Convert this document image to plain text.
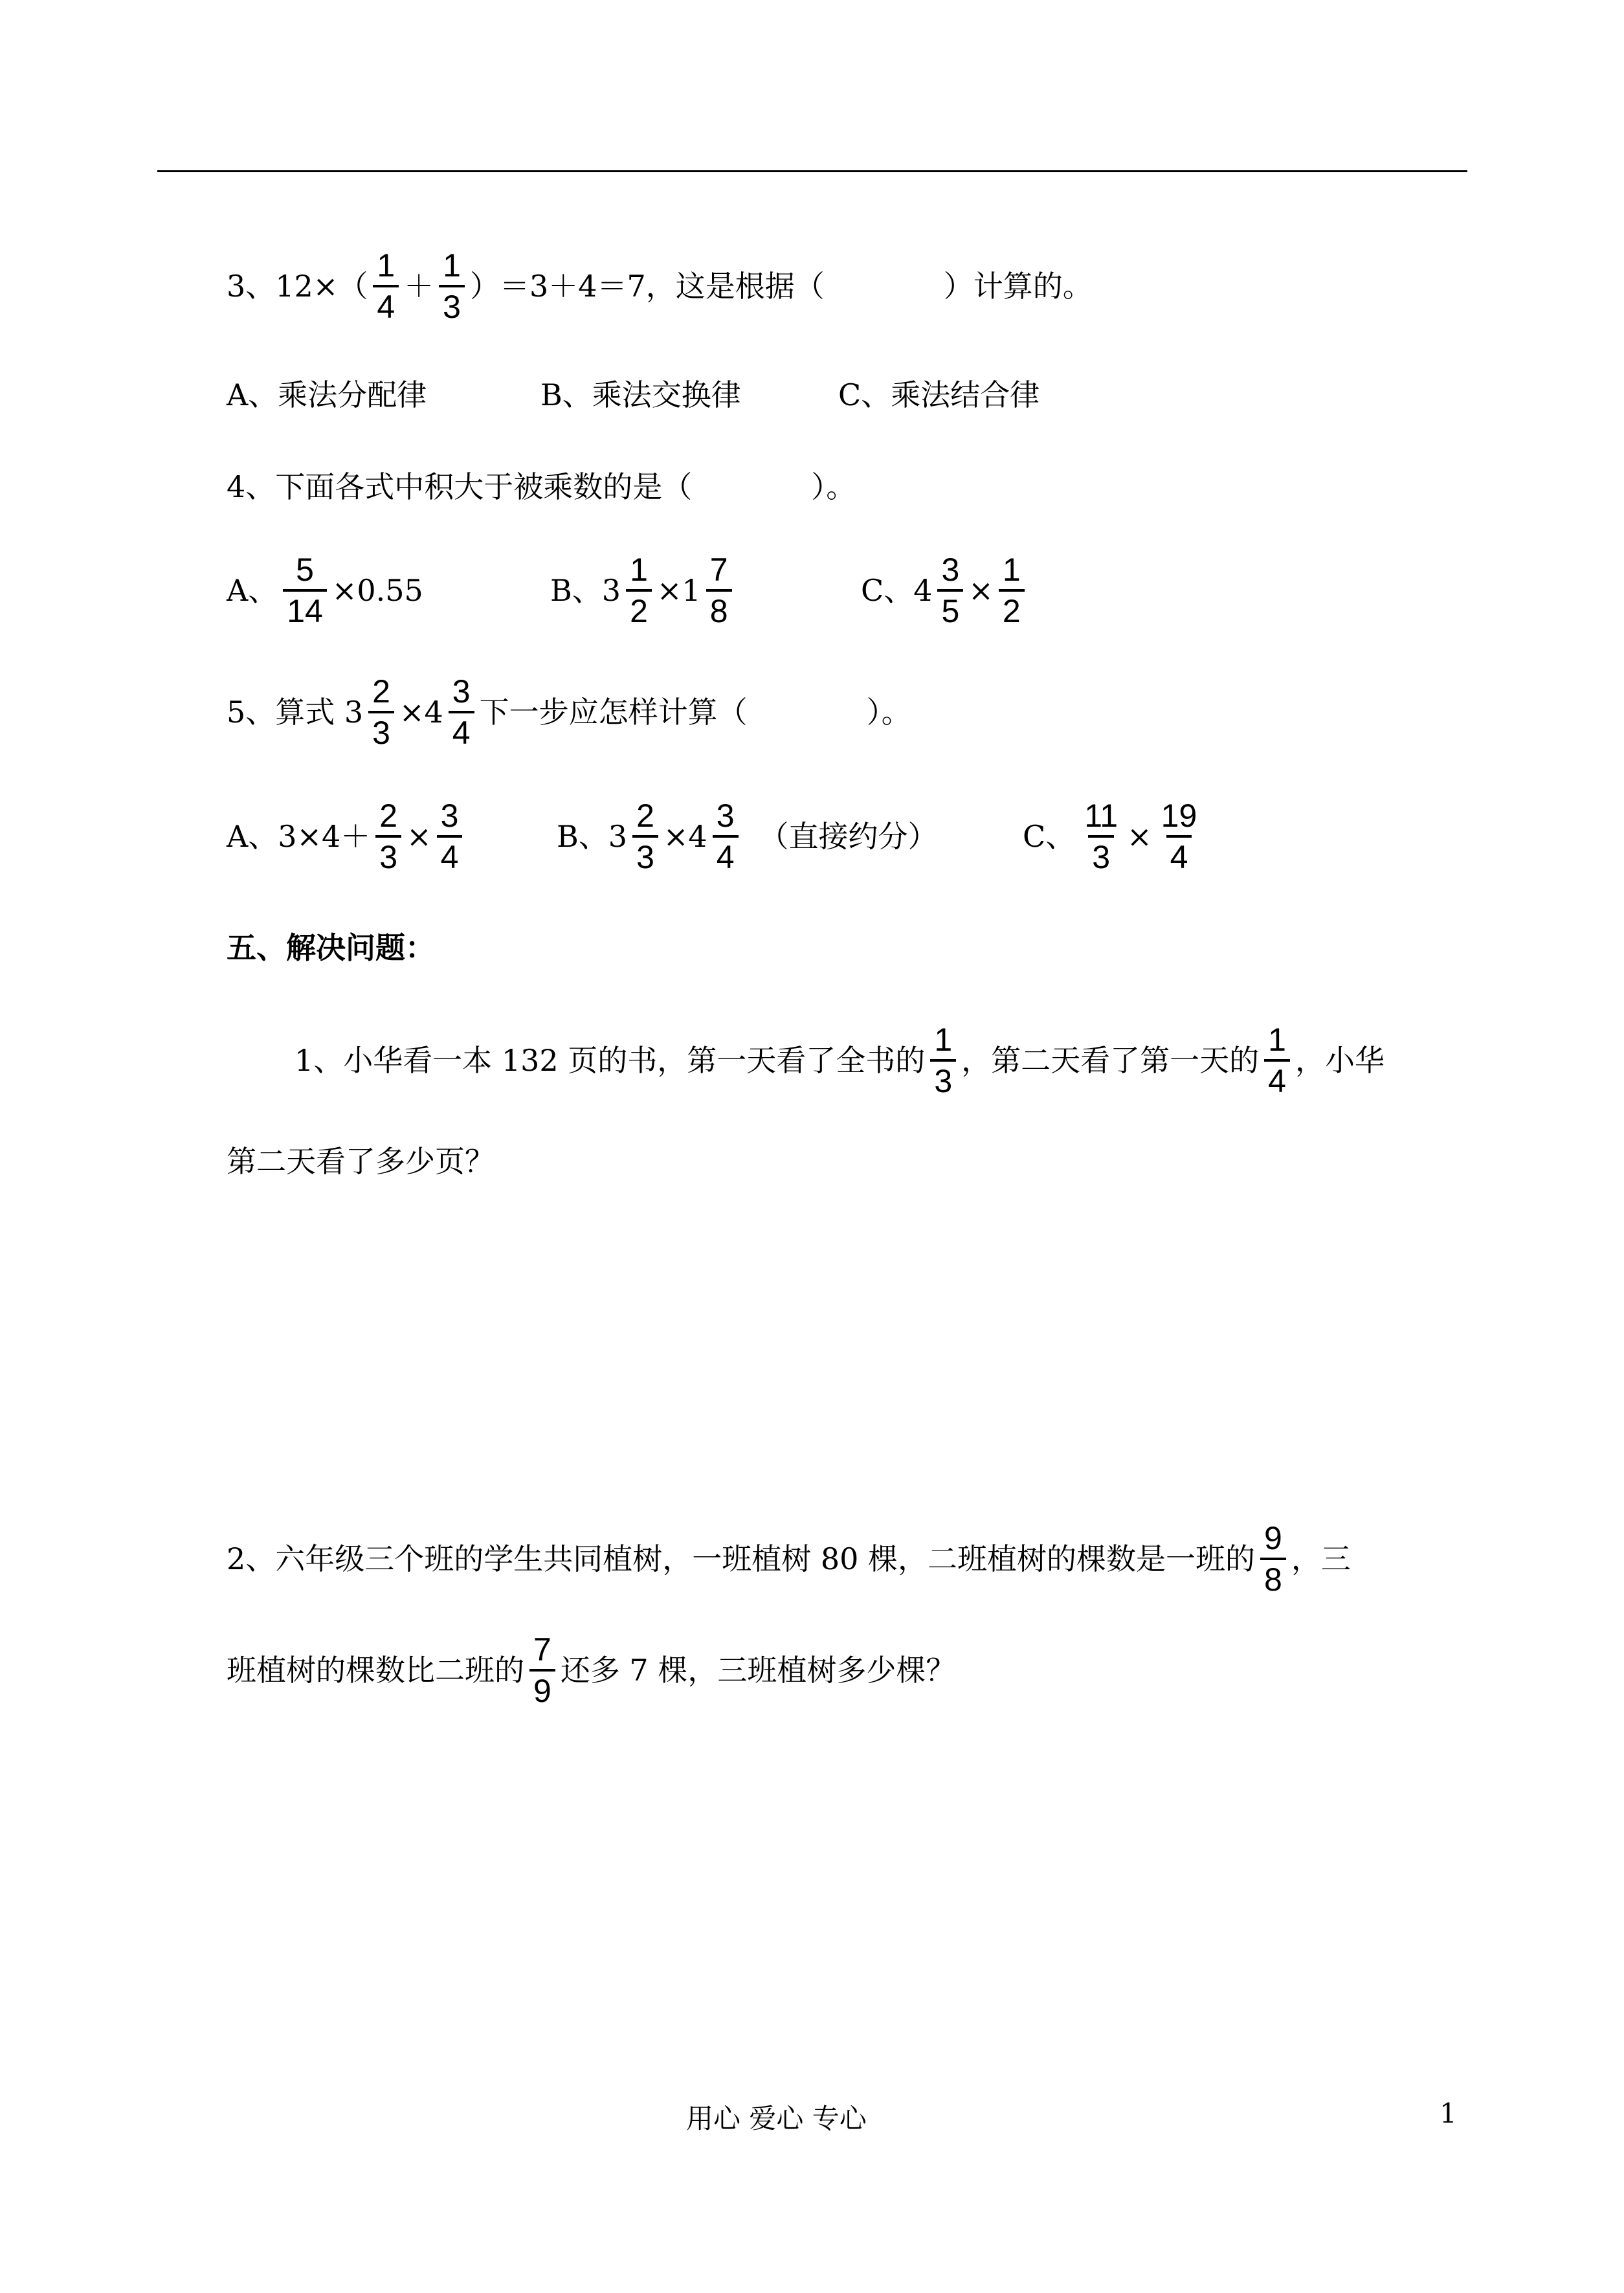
3、$12\times( \frac{1}{4} + \frac{1}{3} )=3+4=7$，这是根据（　　　　）计算的。
A、乘法分配律	B、乘法交换律	C、乘法结合律
4、下面各式中积大于被乘数的是（　　　　）。
A、 $\frac{5}{14} \times 0.55$	B、$3 \frac{1}{2} \times 1 \frac{7}{8}$	C、$4 \frac{3}{5} \times \frac{1}{2}$
5、算式 $3 \frac{2}{3} \times 4 \frac{3}{4}$ 下一步应怎样计算（　　　　）。
A、$3\times 4+ \frac{2}{3} \times \frac{3}{4}$	B、$3 \frac{2}{3} \times 4 \frac{3}{4}$ （直接约分）	C、 $\frac{11}{3} \times \frac{19}{4}$
五、解决问题：
1、小华看一本 132 页的书，第一天看了全书的 $\frac{1}{3}$ ，第二天看了第一天的 $\frac{1}{4}$ ，小华
第二天看了多少页？
2、六年级三个班的学生共同植树，一班植树 80 棵，二班植树的棵数是一班的 $\frac{9}{8}$ ，三
班植树的棵数比二班的 $\frac{7}{9}$ 还多 7 棵，三班植树多少棵？
用心 爱心 专心	1
